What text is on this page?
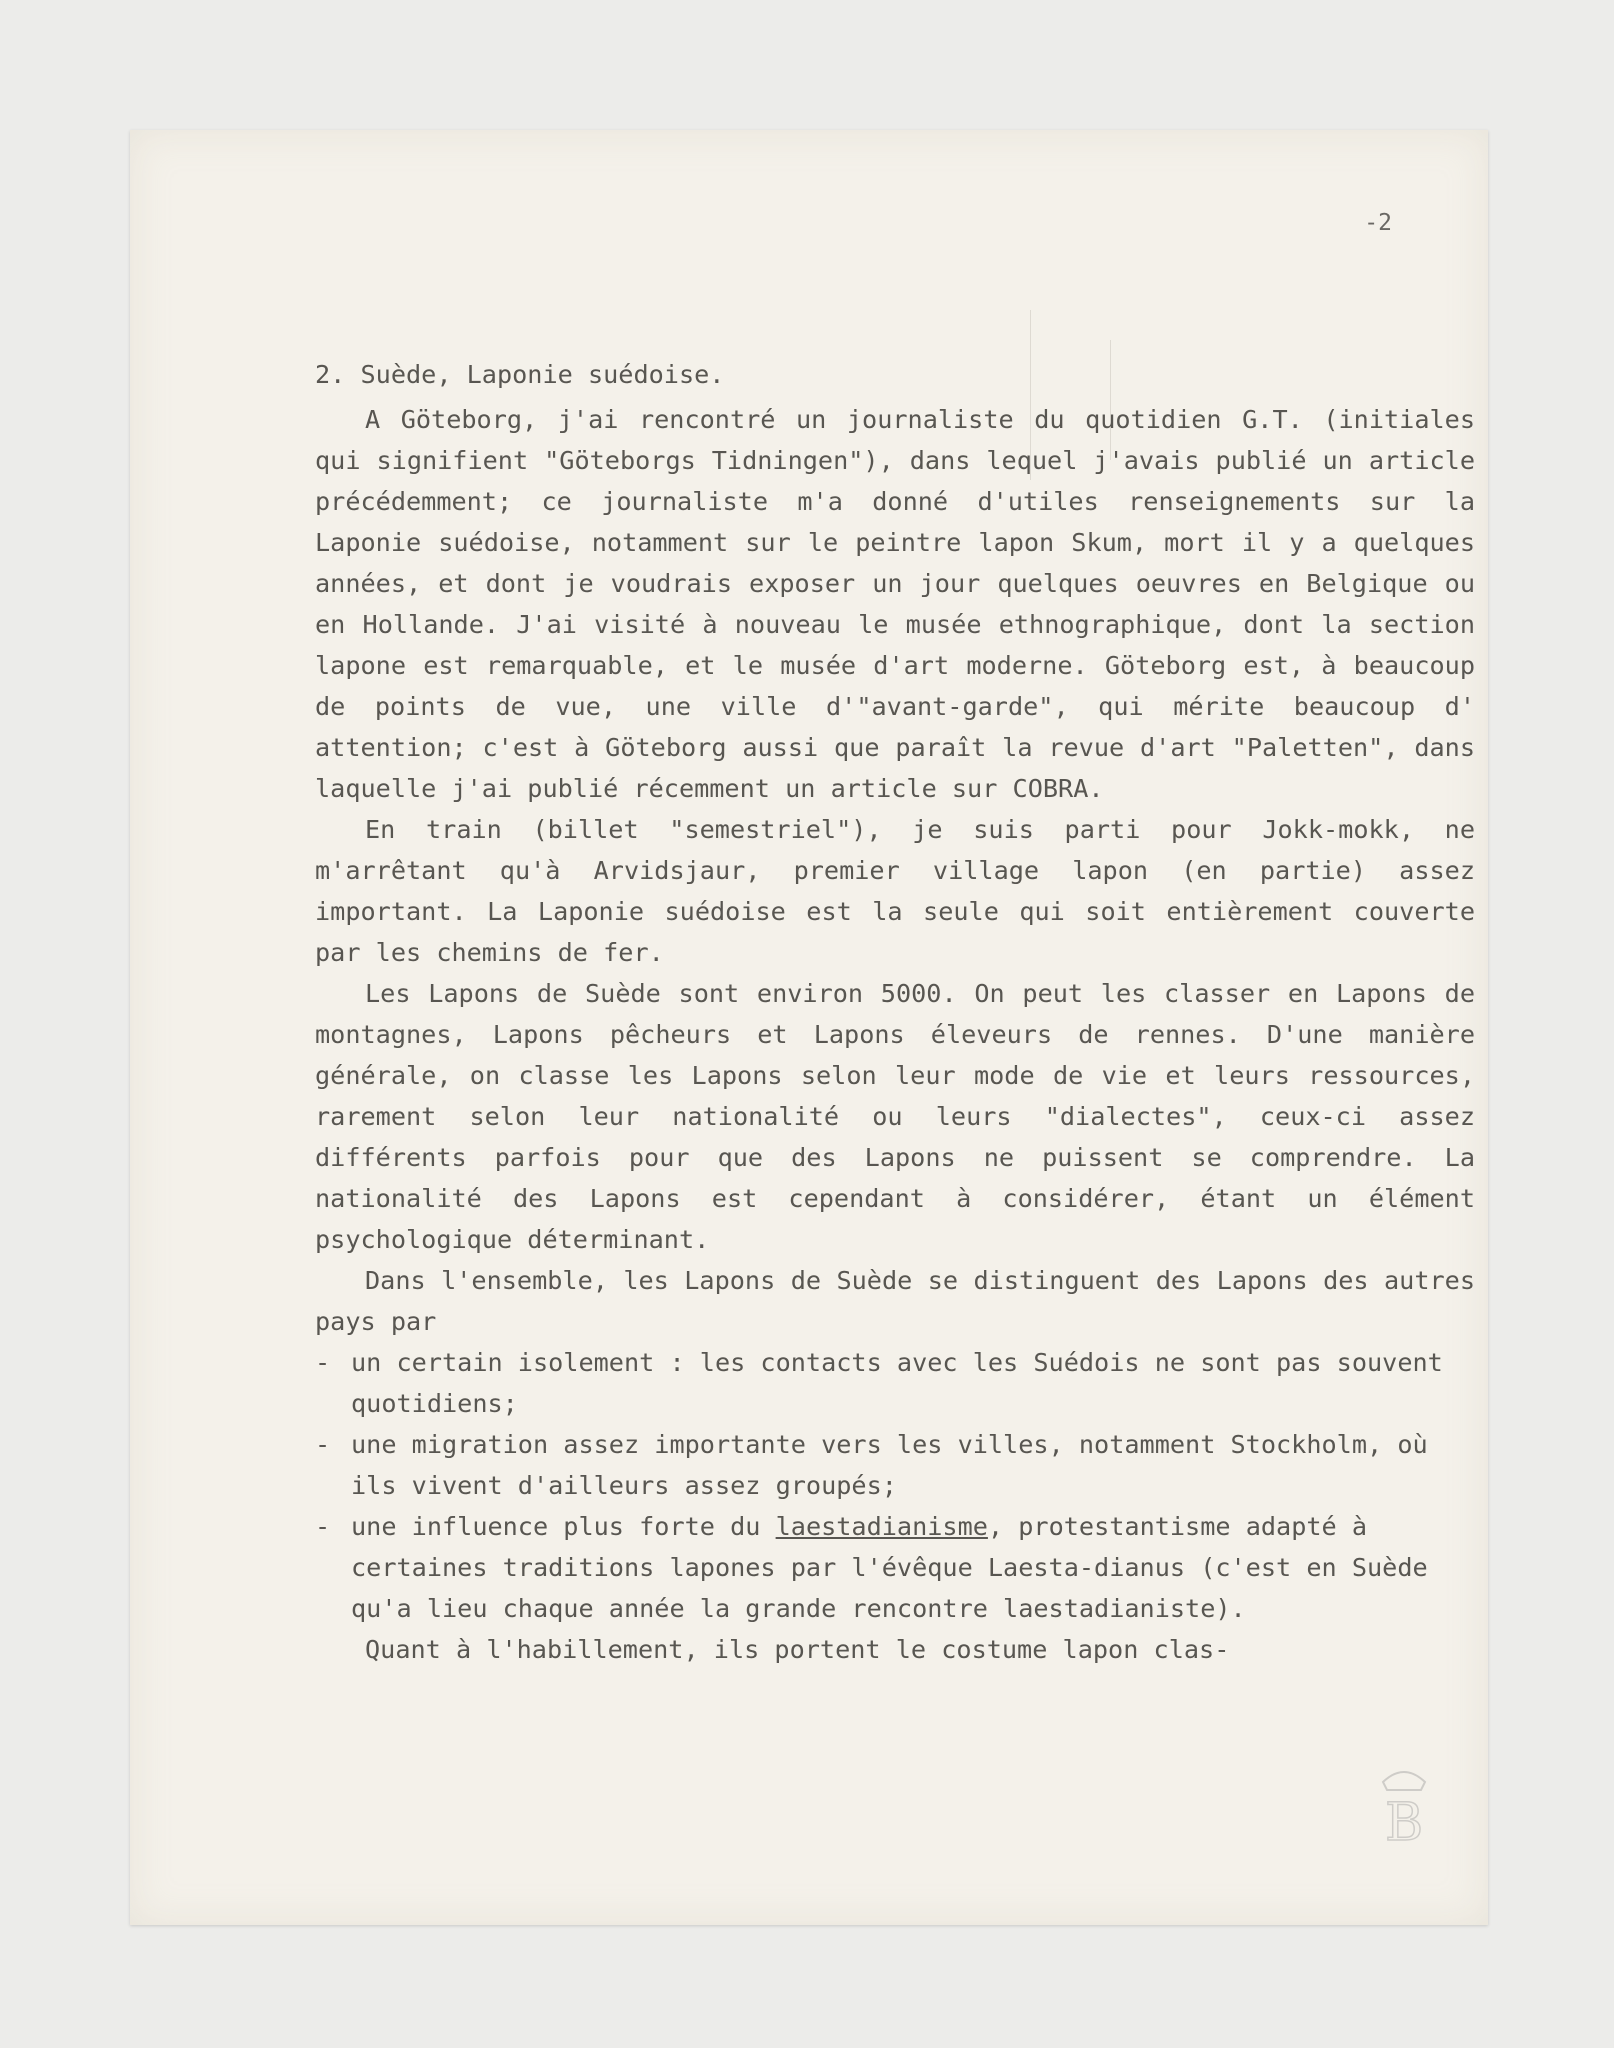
-2
B

2. Suède, Laponie suédoise.

A Göteborg, j'ai rencontré un journaliste du quotidien G.T. (initiales qui signifient "Göteborgs Tidningen"), dans lequel j'avais publié un article précédemment; ce journaliste m'a donné d'utiles renseignements sur la Laponie suédoise, notamment sur le peintre lapon Skum, mort il y a quelques années, et dont je voudrais exposer un jour quelques oeuvres en Belgique ou en Hollande. J'ai visité à nouveau le musée ethnographique, dont la section lapone est remarquable, et le musée d'art moderne. Göteborg est, à beaucoup de points de vue, une ville d'"avant-garde", qui mérite beaucoup d' attention; c'est à Göteborg aussi que paraît la revue d'art "Paletten", dans laquelle j'ai publié récemment un article sur COBRA.

En train (billet "semestriel"), je suis parti pour Jokk-mokk, ne m'arrêtant qu'à Arvidsjaur, premier village lapon (en partie) assez important. La Laponie suédoise est la seule qui soit entièrement couverte par les chemins de fer.

Les Lapons de Suède sont environ 5000. On peut les classer en Lapons de montagnes, Lapons pêcheurs et Lapons éleveurs de rennes. D'une manière générale, on classe les Lapons selon leur mode de vie et leurs ressources, rarement selon leur nationalité ou leurs "dialectes", ceux-ci assez différents parfois pour que des Lapons ne puissent se comprendre. La nationalité des Lapons est cependant à considérer, étant un élément psychologique déterminant.

Dans l'ensemble, les Lapons de Suède se distinguent des Lapons des autres pays par

- un certain isolement : les contacts avec les Suédois ne sont pas souvent quotidiens;

- une migration assez importante vers les villes, notamment Stockholm, où ils vivent d'ailleurs assez groupés;

- une influence plus forte du laestadianisme, protestantisme adapté à certaines traditions lapones par l'évêque Laesta-dianus (c'est en Suède qu'a lieu chaque année la grande rencontre laestadianiste).

Quant à l'habillement, ils portent le costume lapon clas-
